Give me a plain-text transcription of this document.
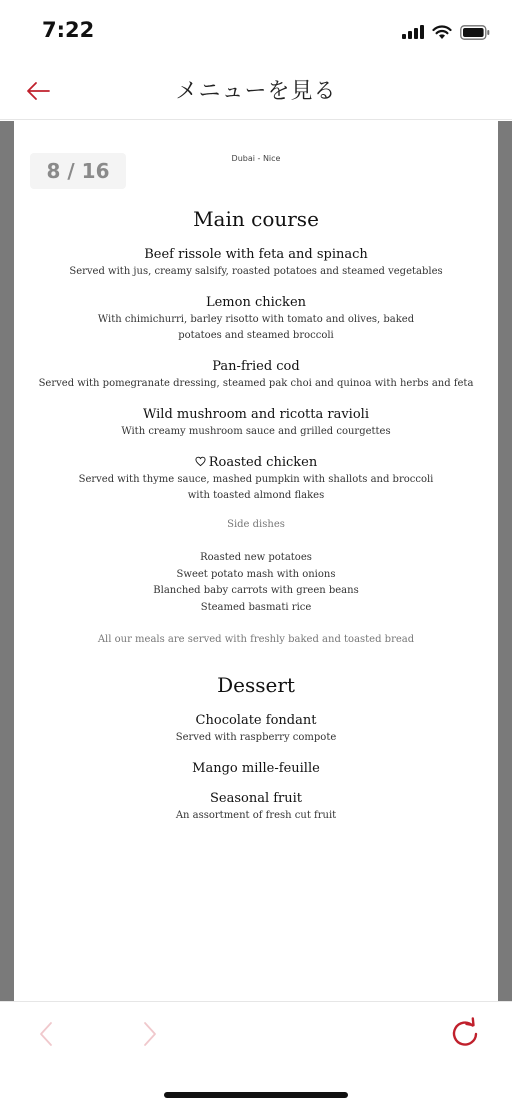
7:22
メニューを見る
8 / 16
Dubai - Nice
Main course
Beef rissole with feta and spinach
Served with jus, creamy salsify, roasted potatoes and steamed vegetables
Lemon chicken
With chimichurri, barley risotto with tomato and olives, baked potatoes and steamed broccoli
Pan-fried cod
Served with pomegranate dressing, steamed pak choi and quinoa with herbs and feta
Wild mushroom and ricotta ravioli
With creamy mushroom sauce and grilled courgettes
Roasted chicken
Served with thyme sauce, mashed pumpkin with shallots and broccoli with toasted almond flakes
Side dishes
Roasted new potatoes
Sweet potato mash with onions
Blanched baby carrots with green beans
Steamed basmati rice
All our meals are served with freshly baked and toasted bread
Dessert
Chocolate fondant
Served with raspberry compote
Mango mille-feuille
Seasonal fruit
An assortment of fresh cut fruit
